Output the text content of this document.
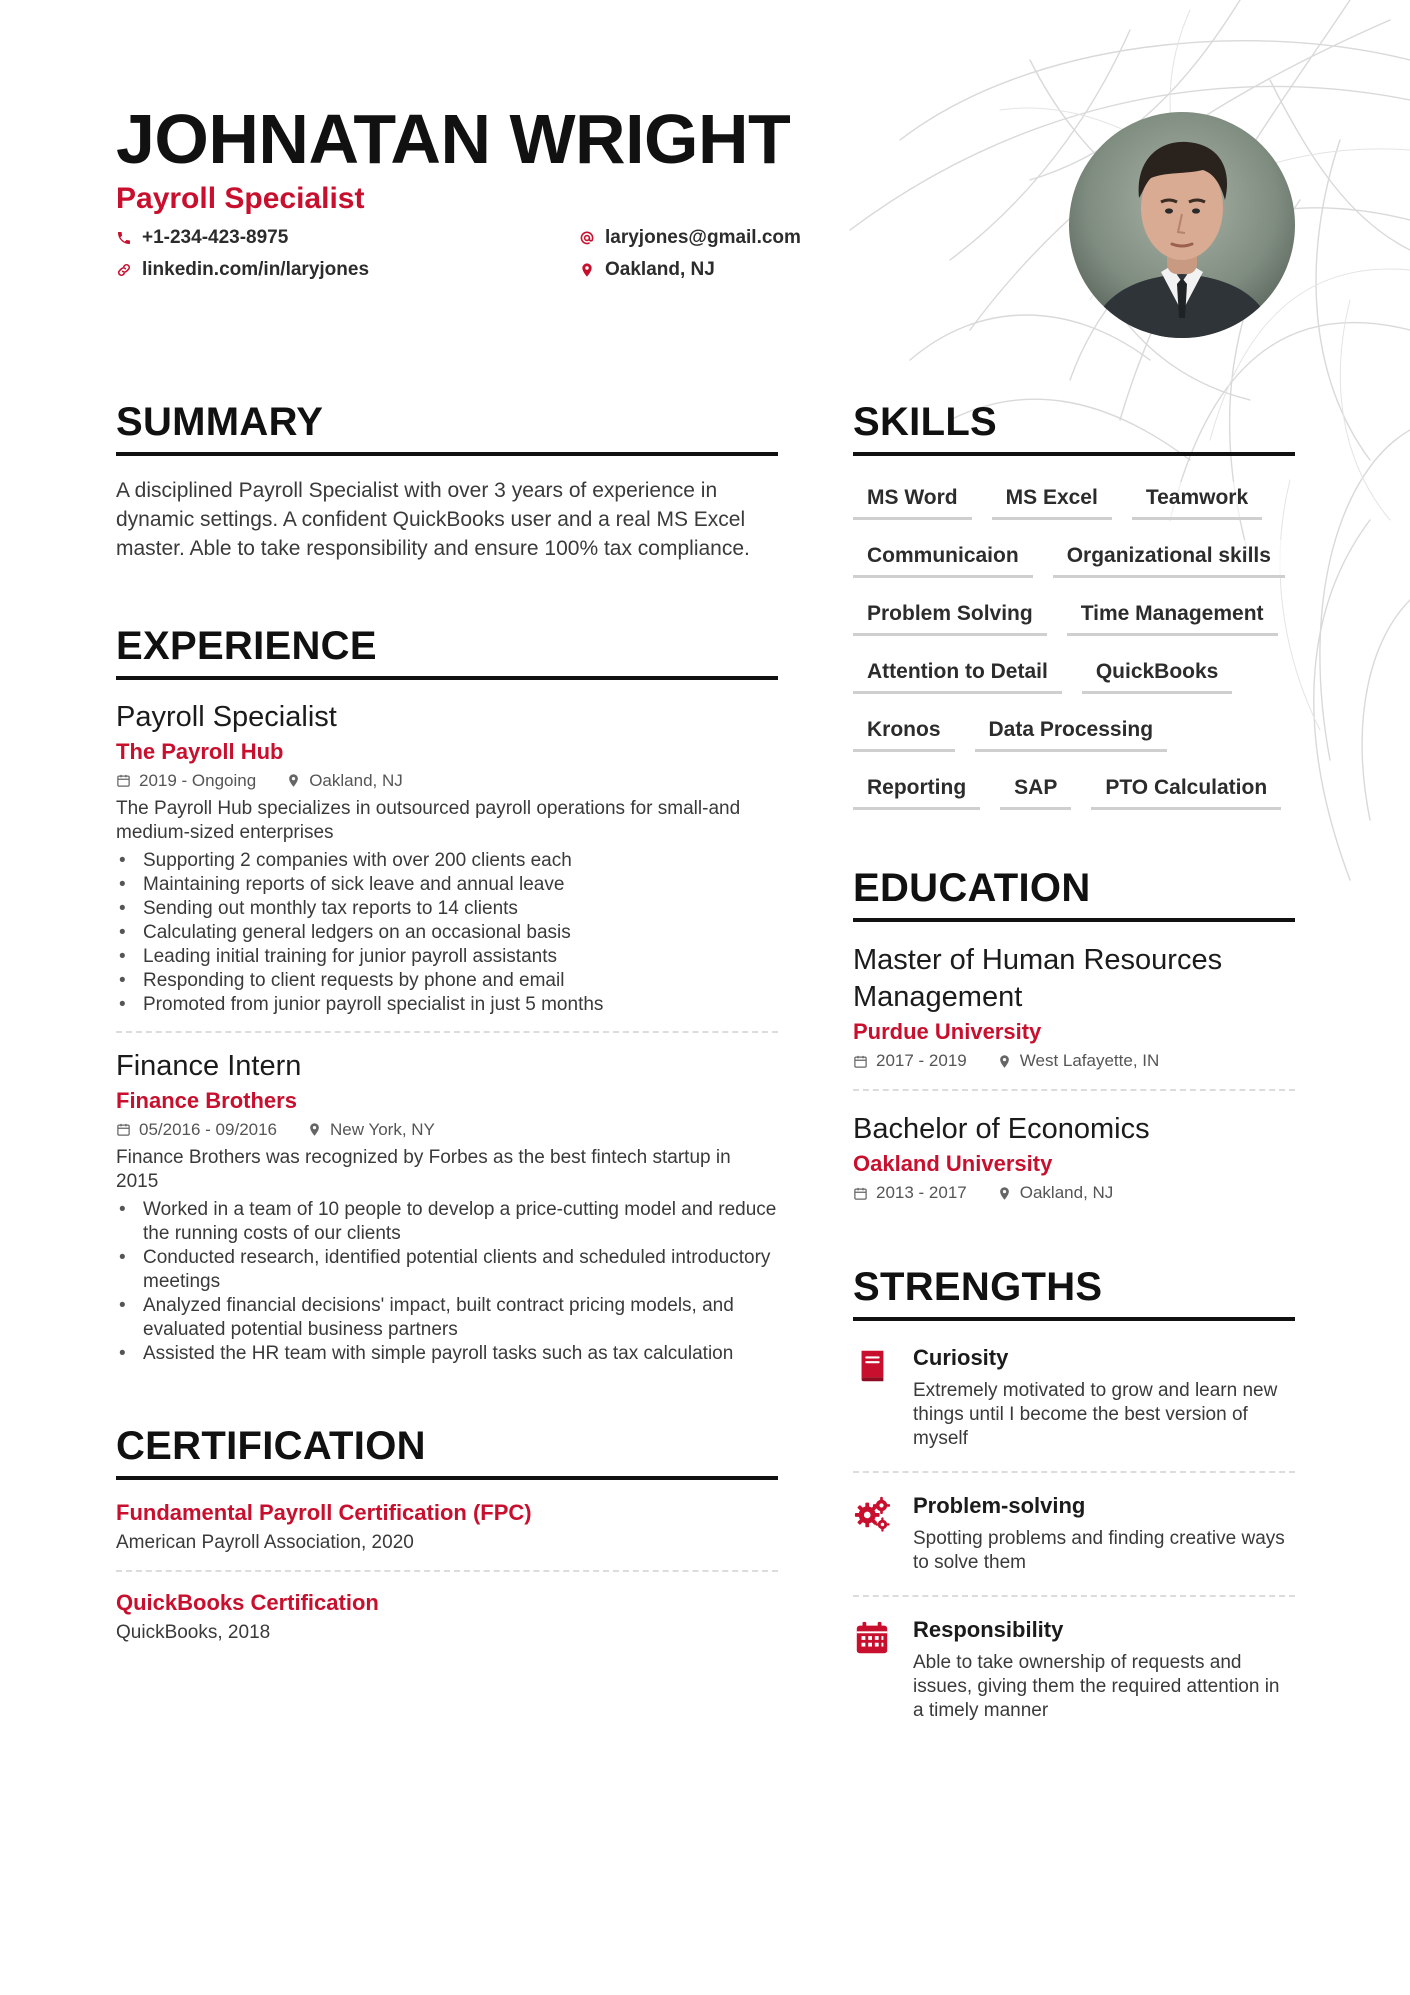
JOHNATAN WRIGHT
Payroll Specialist
+1-234-423-8975	laryjones@gmail.com
linkedin.com/in/laryjones	Oakland, NJ
SUMMARY

A disciplined Payroll Specialist with over 3 years of experience in dynamic settings. A confident QuickBooks user and a real MS Excel master. Able to take responsibility and ensure 100% tax compliance.

EXPERIENCE
Payroll Specialist
The Payroll Hub
2019 - Ongoing	Oakland, NJ
The Payroll Hub specializes in outsourced payroll operations for small-and medium-sized enterprises
• Supporting 2 companies with over 200 clients each
• Maintaining reports of sick leave and annual leave
• Sending out monthly tax reports to 14 clients
• Calculating general ledgers on an occasional basis
• Leading initial training for junior payroll assistants
• Responding to client requests by phone and email
• Promoted from junior payroll specialist in just 5 months
Finance Intern
Finance Brothers
05/2016 - 09/2016	New York, NY
Finance Brothers was recognized by Forbes as the best fintech startup in 2015
• Worked in a team of 10 people to develop a price-cutting model and reduce the running costs of our clients
• Conducted research, identified potential clients and scheduled introductory meetings
• Analyzed financial decisions' impact, built contract pricing models, and evaluated potential business partners
• Assisted the HR team with simple payroll tasks such as tax calculation
CERTIFICATION
Fundamental Payroll Certification (FPC)
American Payroll Association, 2020
QuickBooks Certification
QuickBooks, 2018
SKILLS
MS Word	MS Excel	Teamwork
Communicaion	Organizational skills
Problem Solving	Time Management
Attention to Detail	QuickBooks
Kronos	Data Processing
Reporting	SAP	PTO Calculation
EDUCATION
Master of Human Resources Management
Purdue University
2017 - 2019	West Lafayette, IN
Bachelor of Economics
Oakland University
2013 - 2017	Oakland, NJ
STRENGTHS
Curiosity
Extremely motivated to grow and learn new things until I become the best version of myself
Problem-solving
Spotting problems and finding creative ways to solve them
Responsibility
Able to take ownership of requests and issues, giving them the required attention in a timely manner
